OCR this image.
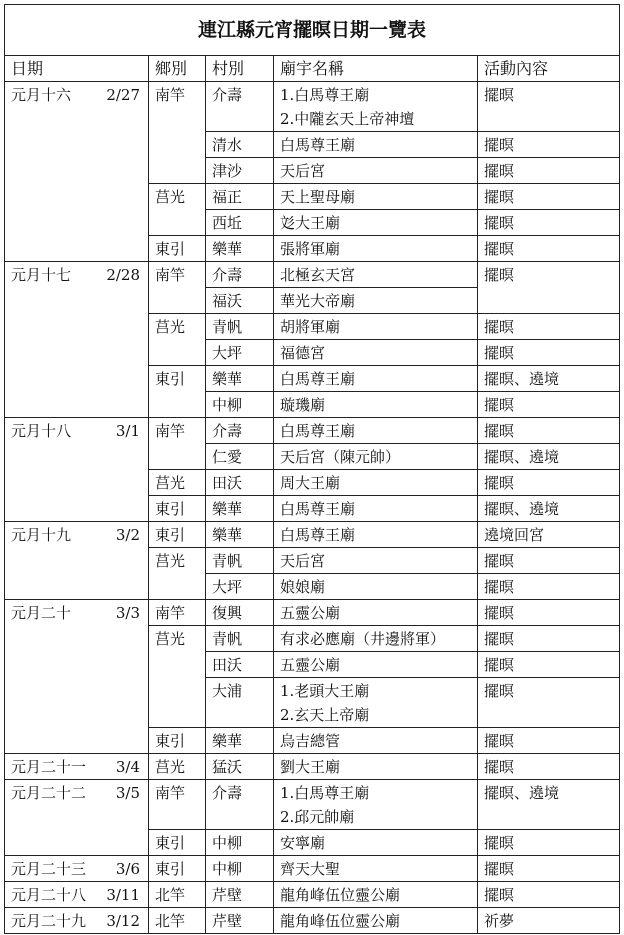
連江縣元宵擺暝日期一覽表				
日期	鄉別	村別	廟宇名稱	活動內容
元月十六 2/27	南竿	介壽	1.白馬尊王廟
2.中隴玄天上帝神壇	擺暝
		清水	白馬尊王廟	擺暝
		津沙	天后宮	擺暝
	莒光	福正	天上聖母廟	擺暝
		西坵	彣大王廟	擺暝
	東引	樂華	張將軍廟	擺暝
元月十七 2/28	南竿	介壽	北極玄天宮	擺暝
		福沃	華光大帝廟	

	莒光	青帆	胡將軍廟	擺暝
		大坪	福德宮	擺暝
	東引	樂華	白馬尊王廟	擺暝、遶境
		中柳	璇璣廟	擺暝
元月十八 3/1	南竿	介壽	白馬尊王廟	擺暝
		仁愛	天后宮（陳元帥）	擺暝、遶境
	莒光	田沃	周大王廟	擺暝
	東引	樂華	白馬尊王廟	擺暝、遶境
元月十九 3/2	東引	樂華	白馬尊王廟	遶境回宮
	莒光	青帆	天后宮	擺暝
		大坪	娘娘廟	擺暝
元月二十 3/3	南竿	復興	五靈公廟	擺暝
	莒光	青帆	有求必應廟（井邊將軍）	擺暝
		田沃	五靈公廟	擺暝
		大浦	1.老頭大王廟
2.玄天上帝廟	擺暝
	東引	樂華	烏吉總管	擺暝
元月二十一 3/4	莒光	猛沃	劉大王廟	擺暝
元月二十二 3/5	南竿	介壽	1.白馬尊王廟
2.邱元帥廟	擺暝、遶境
	東引	中柳	安寧廟	擺暝
元月二十三 3/6	東引	中柳	齊天大聖	擺暝
元月二十八 3/11	北竿	芹壁	龍角峰伍位靈公廟	擺暝
元月二十九 3/12	北竿	芹壁	龍角峰伍位靈公廟	祈夢
